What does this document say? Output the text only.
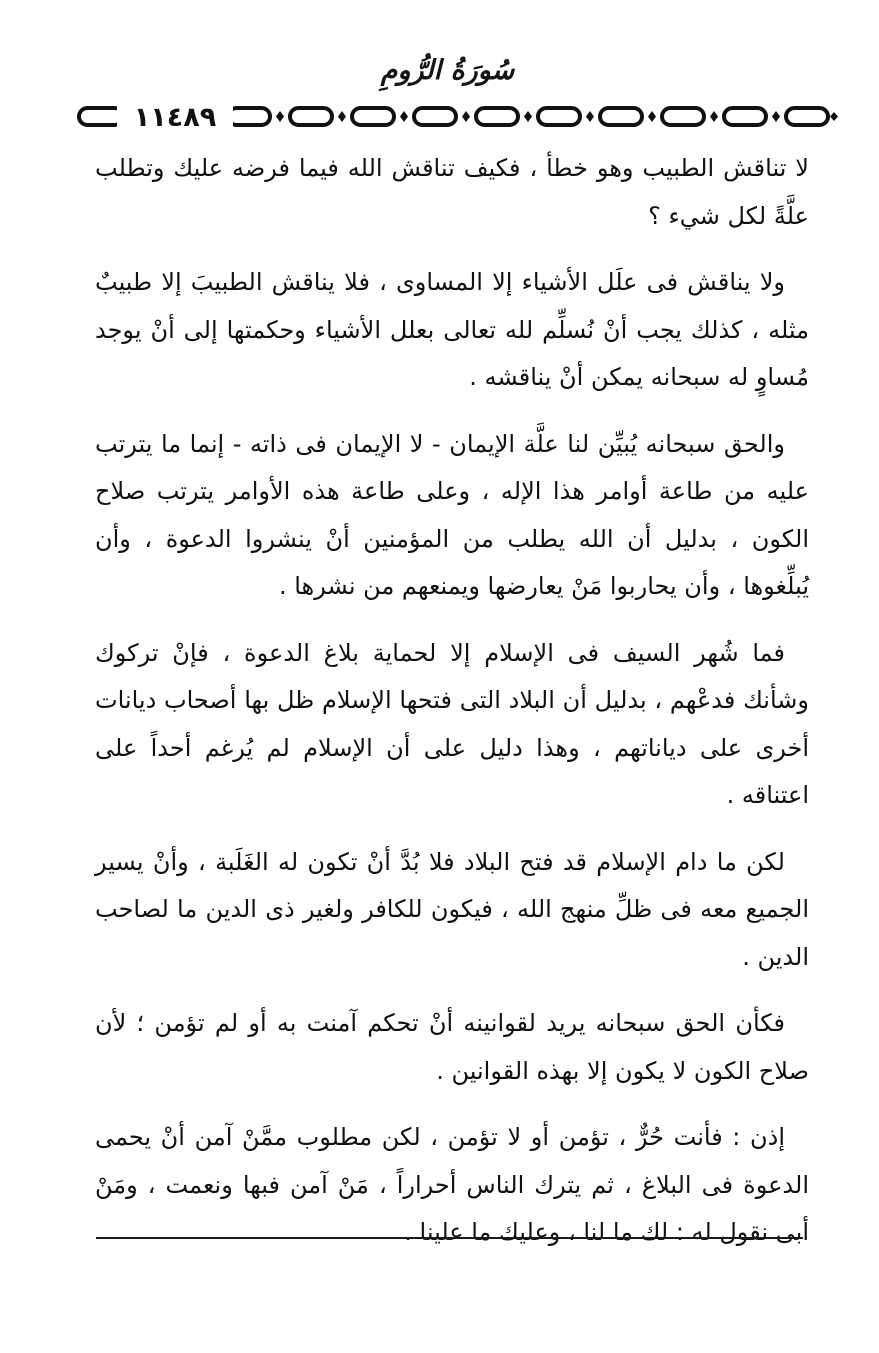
سُورَةُ الرُّومِ
١١٤٨٩

لا تناقش الطبيب وهو خطأ ، فكيف تناقش الله فيما فرضه عليك وتطلب علَّةً لكل شيء ؟

ولا يناقش فى علَل الأشياء إلا المساوى ، فلا يناقش الطبيبَ إلا طبيبٌ مثله ، كذلك يجب أنْ نُسلِّم لله تعالى بعلل الأشياء وحكمتها إلى أنْ يوجد مُساوٍ له سبحانه يمكن أنْ يناقشه .

والحق سبحانه يُبيِّن لنا علَّة الإيمان - لا الإيمان فى ذاته - إنما ما يترتب عليه من طاعة أوامر هذا الإله ، وعلى طاعة هذه الأوامر يترتب صلاح الكون ، بدليل أن الله يطلب من المؤمنين أنْ ينشروا الدعوة ، وأن يُبلِّغوها ، وأن يحاربوا مَنْ يعارضها ويمنعهم من نشرها .

فما شُهر السيف فى الإسلام إلا لحماية بلاغ الدعوة ، فإنْ تركوك وشأنك فدعْهم ، بدليل أن البلاد التى فتحها الإسلام ظل بها أصحاب ديانات أخرى على دياناتهم ، وهذا دليل على أن الإسلام لم يُرغم أحداً على اعتناقه .

لكن ما دام الإسلام قد فتح البلاد فلا بُدَّ أنْ تكون له الغَلَبة ، وأنْ يسير الجميع معه فى ظلِّ منهج الله ، فيكون للكافر ولغير ذى الدين ما لصاحب الدين .

فكأن الحق سبحانه يريد لقوانينه أنْ تحكم آمنت به أو لم تؤمن ؛ لأن صلاح الكون لا يكون إلا بهذه القوانين .

إذن : فأنت حُرٌّ ، تؤمن أو لا تؤمن ، لكن مطلوب ممَّنْ آمن أنْ يحمى الدعوة فى البلاغ ، ثم يترك الناس أحراراً ، مَنْ آمن فبها ونعمت ، ومَنْ أبى نقول له : لك ما لنا ، وعليك ما علينا .
